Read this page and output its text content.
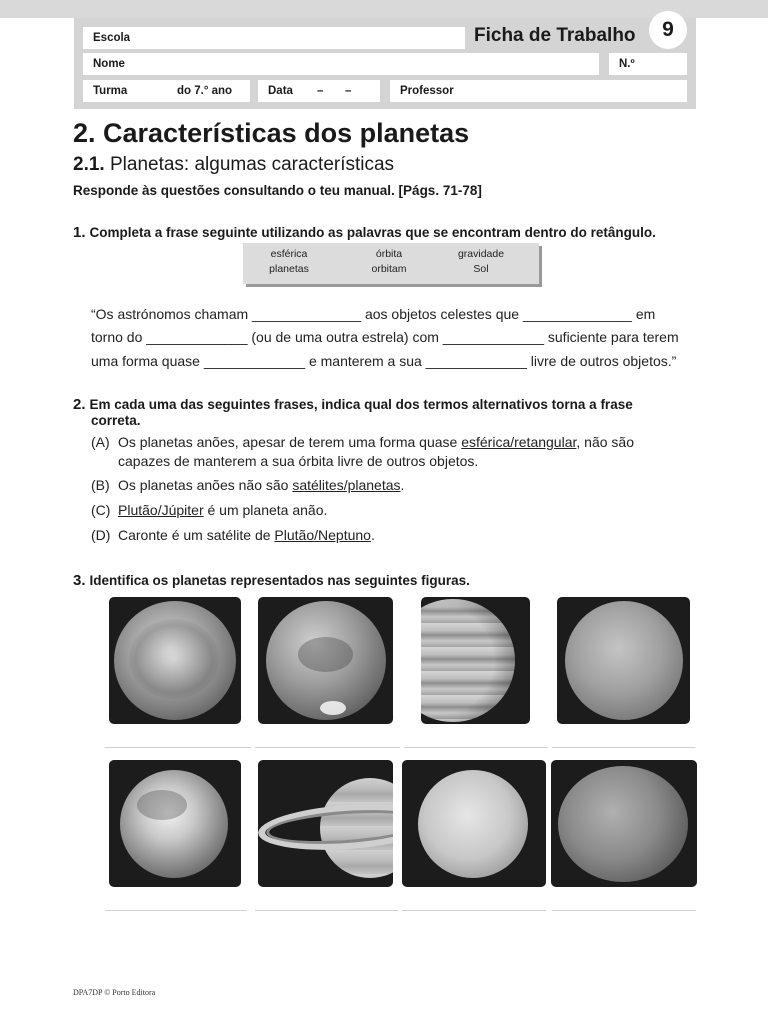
Escola	Ficha de Trabalho	9
Nome	N.º
Turma	do 7.° ano	Data – –	Professor
2. Características dos planetas
2.1. Planetas: algumas características
Responde às questões consultando o teu manual. [Págs. 71-78]
1. Completa a frase seguinte utilizando as palavras que se encontram dentro do retângulo.
esférica	órbita	gravidade
planetas	orbitam	Sol
“Os astrónomos chamam ______________ aos objetos celestes que ______________ em
torno do _____________ (ou de uma outra estrela) com _____________ suficiente para terem
uma forma quase _____________ e manterem a sua _____________ livre de outros objetos.”
2. Em cada uma das seguintes frases, indica qual dos termos alternativos torna a frase
correta.
(A) Os planetas anões, apesar de terem uma forma quase esférica/retangular, não são
capazes de manterem a sua órbita livre de outros objetos.
(B) Os planetas anões não são satélites/planetas.
(C) Plutão/Júpiter é um planeta anão.
(D) Caronte é um satélite de Plutão/Neptuno.
3. Identifica os planetas representados nas seguintes figuras.
DPA7DP © Porto Editora
